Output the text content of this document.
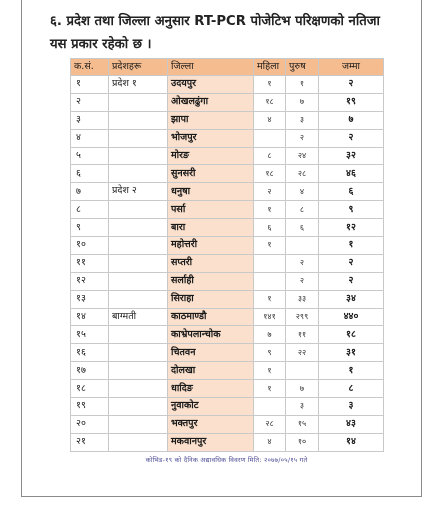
६. प्रदेश तथा जिल्ला अनुसार RT-PCR पोजेटिभ परिक्षणको नतिजा यस प्रकार रहेको छ ।

क.सं.	प्रदेशहरू	जिल्ला	महिला	पुरुष	जम्मा
१	प्रदेश १	उदयपुर	१	१	२
२		ओखलढुंगा	१८	७	१९
३		झापा	४	३	७
४		भोजपुर		२	२
५		मोरङ	८	२४	३२
६		सुनसरी	१८	२८	४६
७	प्रदेश २	धनुषा	२	४	६
८		पर्सा	१	८	९
९		बारा	६	६	१२
१०		महोत्तरी	१		१
११		सप्तरी		२	२
१२		सर्लाही		२	२
१३		सिराहा	१	३३	३४
१४	बाग्मती	काठमाण्डौ	१४१	२९९	४४०
१५		काभ्रेपलान्चोक	७	११	१८
१६		चितवन	९	२२	३१
१७		दोलखा	१		१
१८		धादिङ	१	७	८
१९		नुवाकोट		३	३
२०		भक्तपुर	२८	१५	४३
२१		मकवानपुर	४	१०	१४
कोभिड-१९ को दैनिक अद्यावधिक विवरण मिति: २०७७/०५/१५ गते
